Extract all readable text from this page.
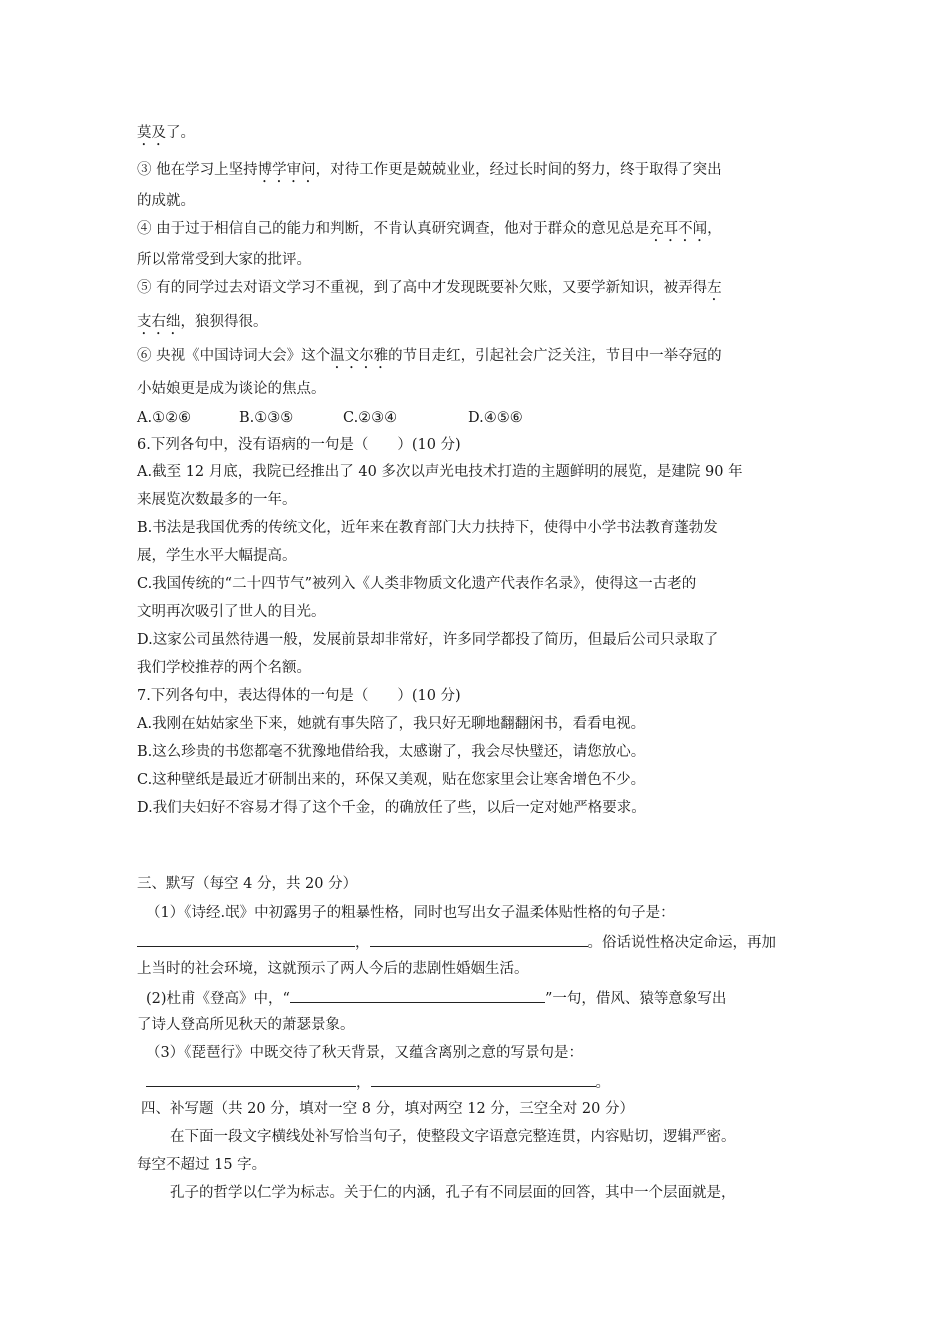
莫及了。
③ 他在学习上坚持博学审问，对待工作更是兢兢业业，经过长时间的努力，终于取得了突出
的成就。
④ 由于过于相信自己的能力和判断，不肯认真研究调查，他对于群众的意见总是充耳不闻，
所以常常受到大家的批评。
⑤ 有的同学过去对语文学习不重视，到了高中才发现既要补欠账，又要学新知识，被弄得左
支右绌，狼狈得很。
⑥ 央视《中国诗词大会》这个温文尔雅的节目走红，引起社会广泛关注，节目中一举夺冠的
小姑娘更是成为谈论的焦点。
A.①②⑥	B.①③⑤	C.②③④	D.④⑤⑥
6.下列各句中，没有语病的一句是（　　）(10 分)
A.截至 12 月底，我院已经推出了 40 多次以声光电技术打造的主题鲜明的展览，是建院 90 年
来展览次数最多的一年。
B.书法是我国优秀的传统文化，近年来在教育部门大力扶持下，使得中小学书法教育蓬勃发
展，学生水平大幅提高。
C.我国传统的“二十四节气”被列入《人类非物质文化遗产代表作名录》，使得这一古老的
文明再次吸引了世人的目光。
D.这家公司虽然待遇一般，发展前景却非常好，许多同学都投了简历，但最后公司只录取了
我们学校推荐的两个名额。
7.下列各句中，表达得体的一句是（　　）(10 分)
A.我刚在姑姑家坐下来，她就有事失陪了，我只好无聊地翻翻闲书，看看电视。
B.这么珍贵的书您都毫不犹豫地借给我，太感谢了，我会尽快璧还，请您放心。
C.这种壁纸是最近才研制出来的，环保又美观，贴在您家里会让寒舍增色不少。
D.我们夫妇好不容易才得了这个千金，的确放任了些，以后一定对她严格要求。
三、默写（每空 4 分，共 20 分）
（1）《诗经.氓》中初露男子的粗暴性格，同时也写出女子温柔体贴性格的句子是：
，	。俗话说性格决定命运，再加
上当时的社会环境，这就预示了两人今后的悲剧性婚姻生活。
(2)杜甫《登高》中，“	”一句，借风、猿等意象写出
了诗人登高所见秋天的萧瑟景象。
（3）《琵琶行》中既交待了秋天背景，又蕴含离别之意的写景句是：
，	。
四、补写题（共 20 分，填对一空 8 分，填对两空 12 分，三空全对 20 分）
在下面一段文字横线处补写恰当句子，使整段文字语意完整连贯，内容贴切，逻辑严密。
每空不超过 15 字。
孔子的哲学以仁学为标志。关于仁的内涵，孔子有不同层面的回答，其中一个层面就是，
